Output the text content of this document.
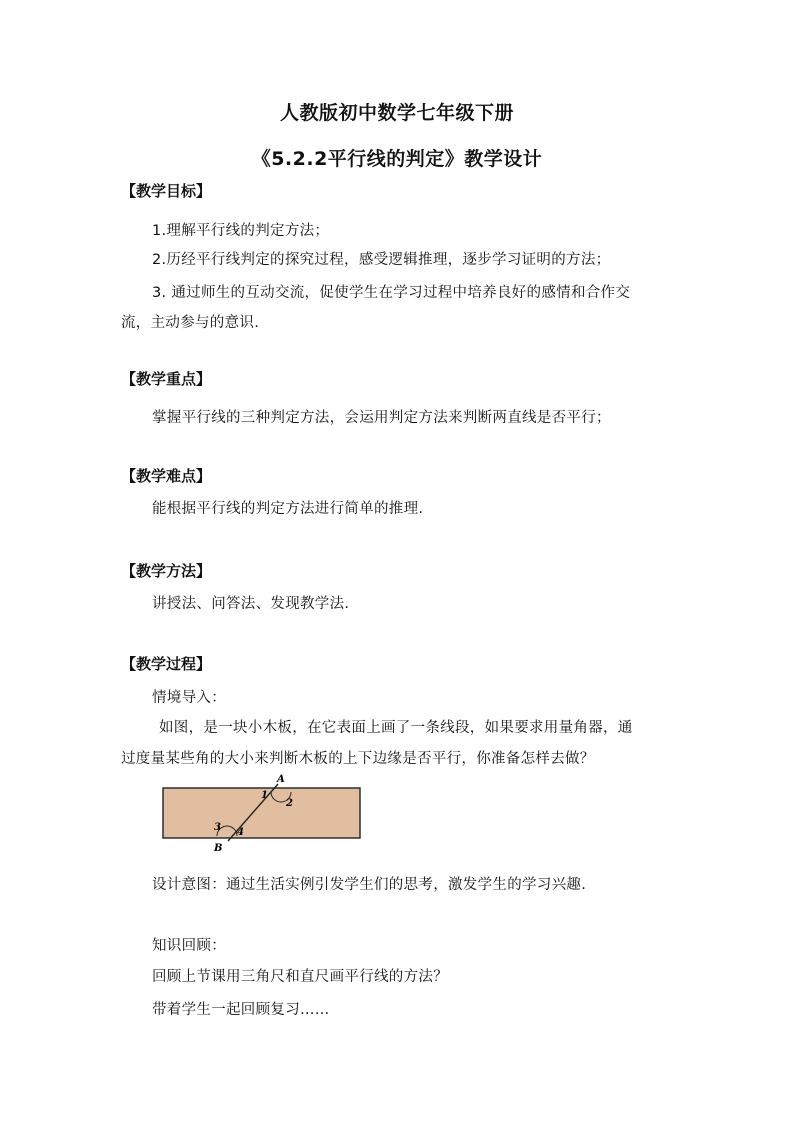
人教版初中数学七年级下册
《5.2.2平行线的判定》教学设计
【教学目标】
1.理解平行线的判定方法；
2.历经平行线判定的探究过程，感受逻辑推理，逐步学习证明的方法；
3. 通过师生的互动交流，促使学生在学习过程中培养良好的感情和合作交
流，主动参与的意识.
【教学重点】
掌握平行线的三种判定方法，会运用判定方法来判断两直线是否平行；
【教学难点】
能根据平行线的判定方法进行简单的推理.
【教学方法】
讲授法、问答法、发现教学法.
【教学过程】
情境导入：
如图，是一块小木板，在它表面上画了一条线段，如果要求用量角器，通
过度量某些角的大小来判断木板的上下边缘是否平行，你准备怎样去做？
A
1
2
3 4
B
设计意图：通过生活实例引发学生们的思考，激发学生的学习兴趣.
知识回顾：
回顾上节课用三角尺和直尺画平行线的方法？
带着学生一起回顾复习……
